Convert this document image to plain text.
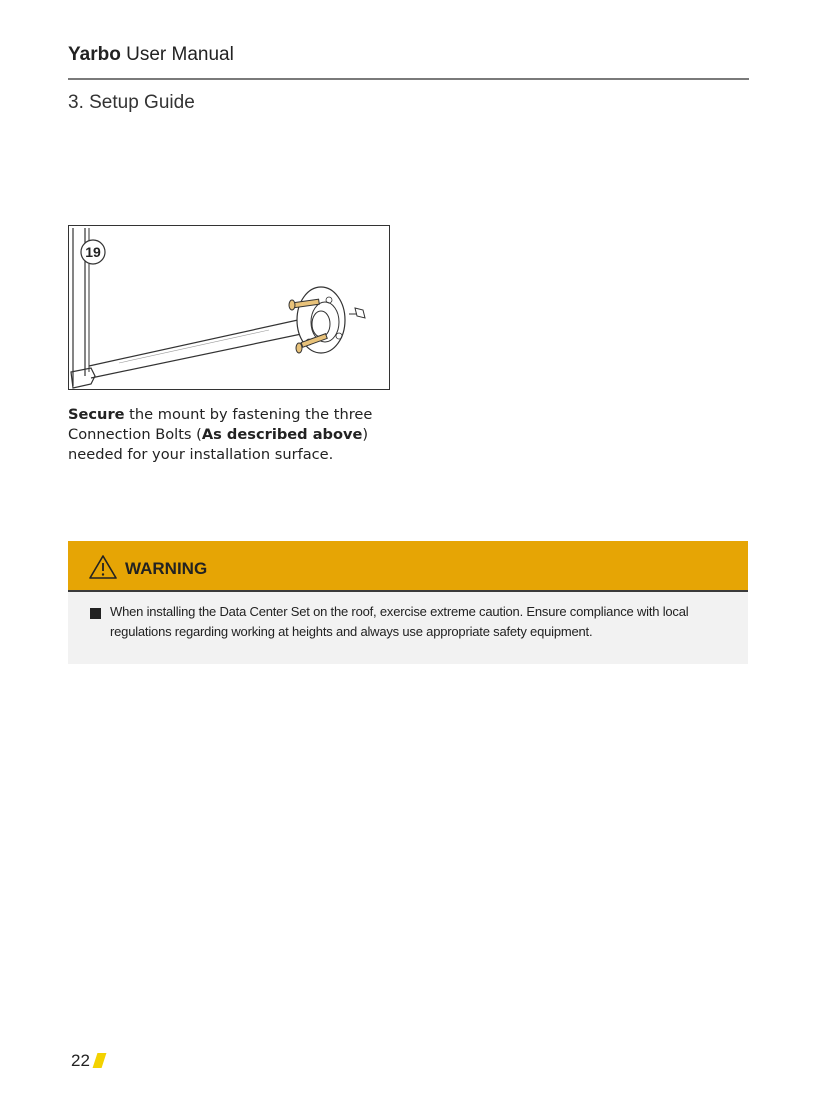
Yarbo User Manual
3. Setup Guide
19
Secure the mount by fastening the three Connection Bolts (As described above) needed for your installation surface.
WARNING
When installing the Data Center Set on the roof, exercise extreme caution. Ensure compliance with local regulations regarding working at heights and always use appropriate safety equipment.
22
